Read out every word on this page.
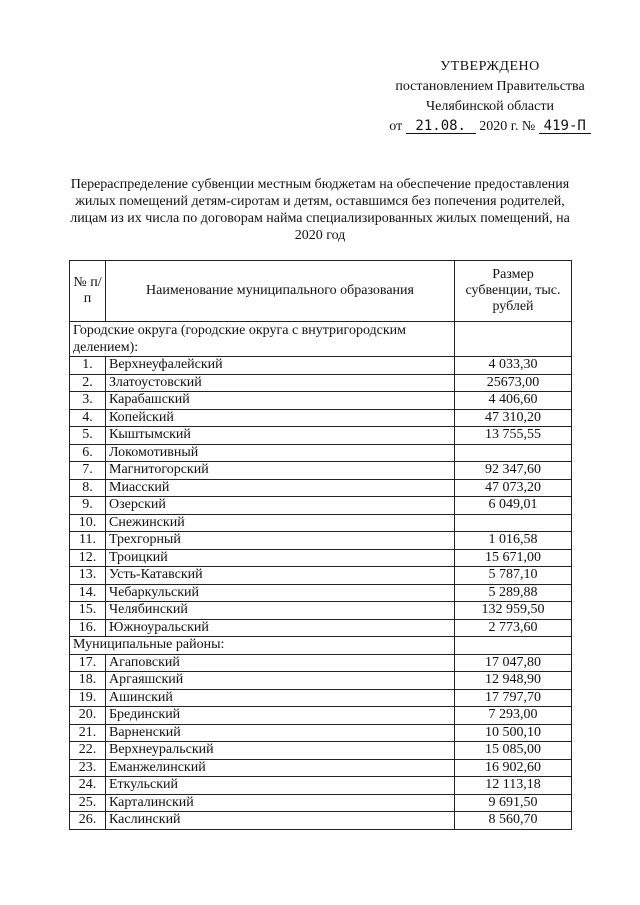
УТВЕРЖДЕНО
постановлением Правительства
Челябинской области
от 21.08. 2020 г. № 419-П
Перераспределение субвенции местным бюджетам на обеспечение предоставления жилых помещений детям-сиротам и детям, оставшимся без попечения родителей, лицам из их числа по договорам найма специализированных жилых помещений, на 2020 год
№ п/п	Наименование муниципального образования	Размер субвенции, тыс. рублей
Городские округа (городские округа с внутригородским делением):		
1.	Верхнеуфалейский	4 033,30
2.	Златоустовский	25673,00
3.	Карабашский	4 406,60
4.	Копейский	47 310,20
5.	Кыштымский	13 755,55
6.	Локомотивный	
7.	Магнитогорский	92 347,60
8.	Миасский	47 073,20
9.	Озерский	6 049,01
10.	Снежинский	
11.	Трехгорный	1 016,58
12.	Троицкий	15 671,00
13.	Усть-Катавский	5 787,10
14.	Чебаркульский	5 289,88
15.	Челябинский	132 959,50
16.	Южноуральский	2 773,60
Муниципальные районы:		
17.	Агаповский	17 047,80
18.	Аргаяшский	12 948,90
19.	Ашинский	17 797,70
20.	Брединский	7 293,00
21.	Варненский	10 500,10
22.	Верхнеуральский	15 085,00
23.	Еманжелинский	16 902,60
24.	Еткульский	12 113,18
25.	Карталинский	9 691,50
26.	Каслинский	8 560,70
